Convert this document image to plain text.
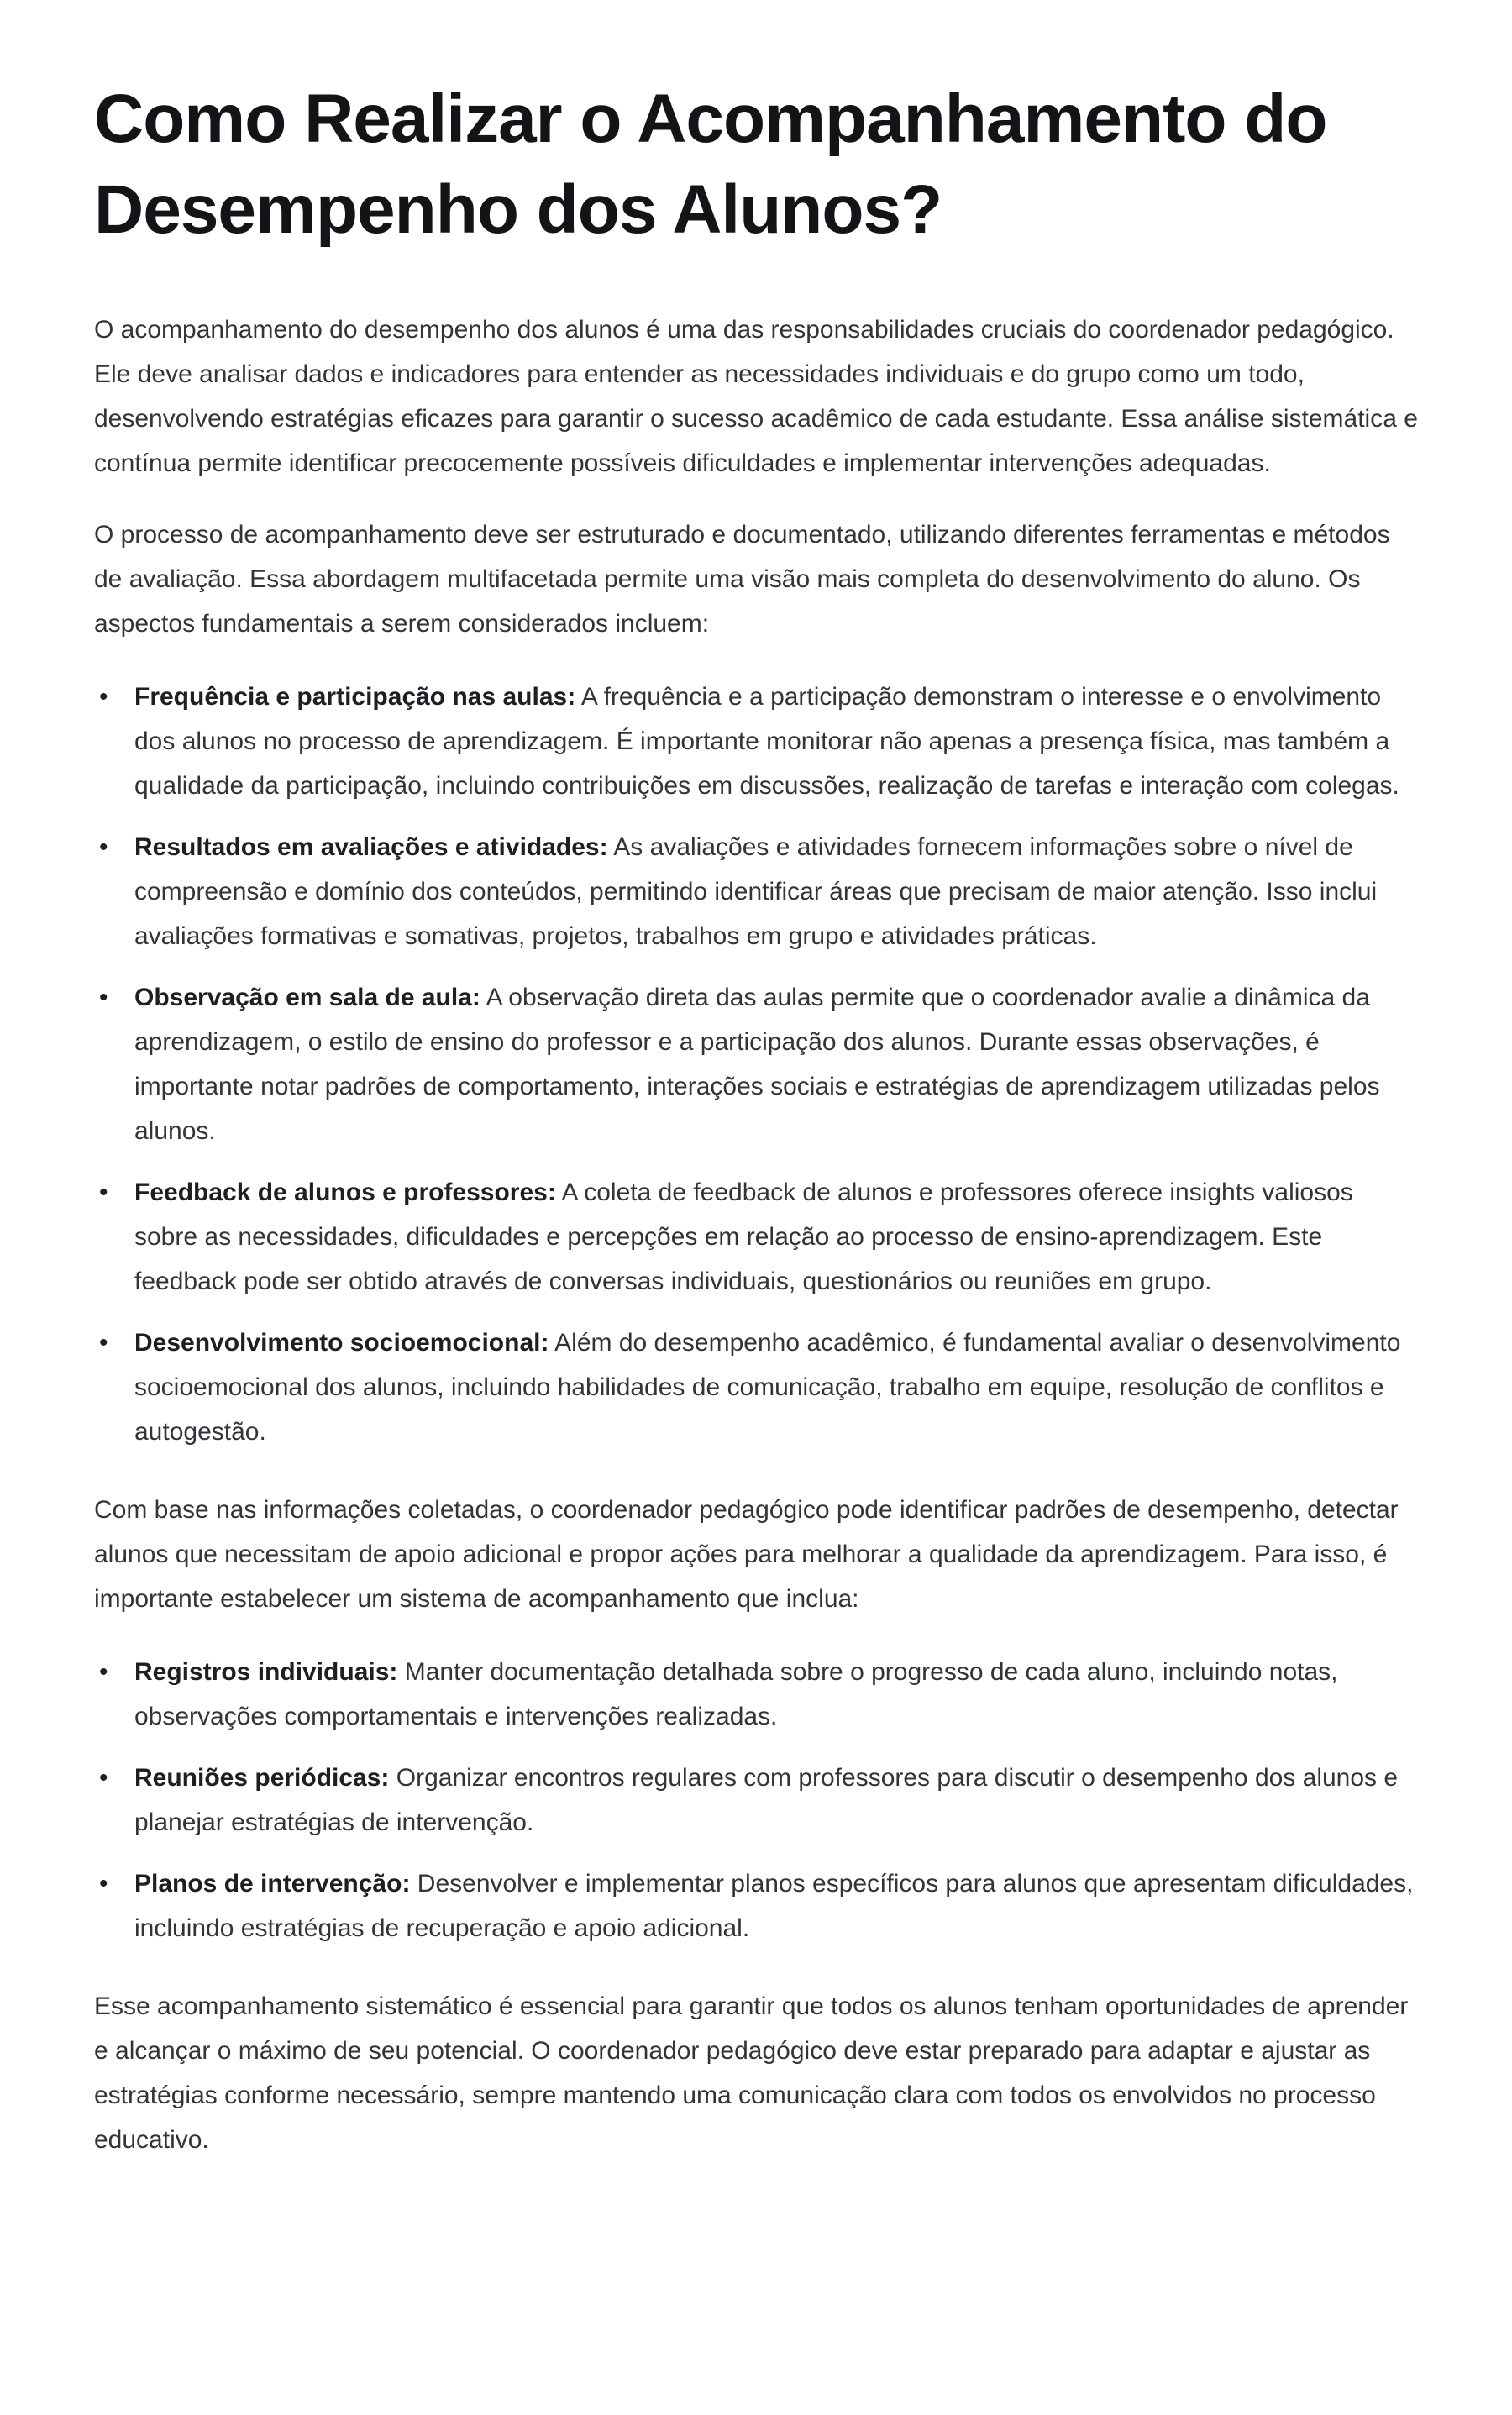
Como Realizar o Acompanhamento do Desempenho dos Alunos?

O acompanhamento do desempenho dos alunos é uma das responsabilidades cruciais do coordenador pedagógico. Ele deve analisar dados e indicadores para entender as necessidades individuais e do grupo como um todo, desenvolvendo estratégias eficazes para garantir o sucesso acadêmico de cada estudante. Essa análise sistemática e contínua permite identificar precocemente possíveis dificuldades e implementar intervenções adequadas.

O processo de acompanhamento deve ser estruturado e documentado, utilizando diferentes ferramentas e métodos de avaliação. Essa abordagem multifacetada permite uma visão mais completa do desenvolvimento do aluno. Os aspectos fundamentais a serem considerados incluem:

• Frequência e participação nas aulas: A frequência e a participação demonstram o interesse e o envolvimento dos alunos no processo de aprendizagem. É importante monitorar não apenas a presença física, mas também a qualidade da participação, incluindo contribuições em discussões, realização de tarefas e interação com colegas.
• Resultados em avaliações e atividades: As avaliações e atividades fornecem informações sobre o nível de compreensão e domínio dos conteúdos, permitindo identificar áreas que precisam de maior atenção. Isso inclui avaliações formativas e somativas, projetos, trabalhos em grupo e atividades práticas.
• Observação em sala de aula: A observação direta das aulas permite que o coordenador avalie a dinâmica da aprendizagem, o estilo de ensino do professor e a participação dos alunos. Durante essas observações, é importante notar padrões de comportamento, interações sociais e estratégias de aprendizagem utilizadas pelos alunos.
• Feedback de alunos e professores: A coleta de feedback de alunos e professores oferece insights valiosos sobre as necessidades, dificuldades e percepções em relação ao processo de ensino-aprendizagem. Este feedback pode ser obtido através de conversas individuais, questionários ou reuniões em grupo.
• Desenvolvimento socioemocional: Além do desempenho acadêmico, é fundamental avaliar o desenvolvimento socioemocional dos alunos, incluindo habilidades de comunicação, trabalho em equipe, resolução de conflitos e autogestão.

Com base nas informações coletadas, o coordenador pedagógico pode identificar padrões de desempenho, detectar alunos que necessitam de apoio adicional e propor ações para melhorar a qualidade da aprendizagem. Para isso, é importante estabelecer um sistema de acompanhamento que inclua:

• Registros individuais: Manter documentação detalhada sobre o progresso de cada aluno, incluindo notas, observações comportamentais e intervenções realizadas.
• Reuniões periódicas: Organizar encontros regulares com professores para discutir o desempenho dos alunos e planejar estratégias de intervenção.
• Planos de intervenção: Desenvolver e implementar planos específicos para alunos que apresentam dificuldades, incluindo estratégias de recuperação e apoio adicional.

Esse acompanhamento sistemático é essencial para garantir que todos os alunos tenham oportunidades de aprender e alcançar o máximo de seu potencial. O coordenador pedagógico deve estar preparado para adaptar e ajustar as estratégias conforme necessário, sempre mantendo uma comunicação clara com todos os envolvidos no processo educativo.
